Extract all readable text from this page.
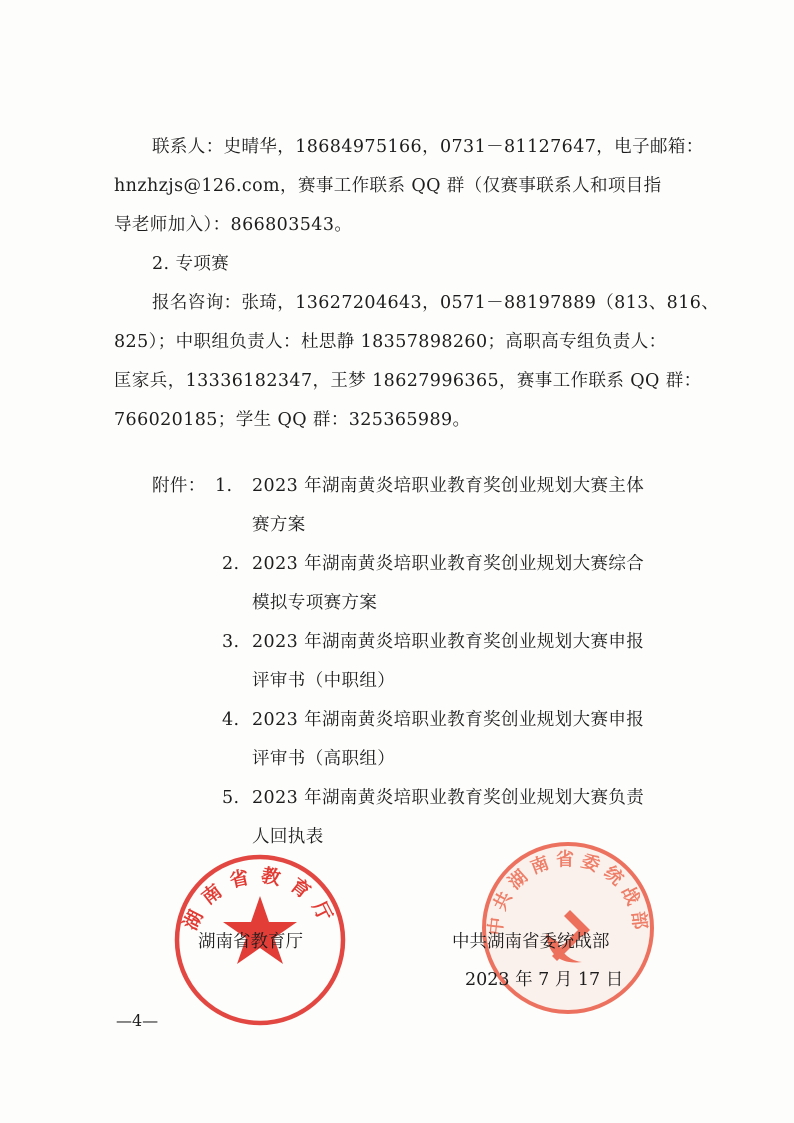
联系人：史晴华，18684975166，0731－81127647，电子邮箱：
hnzhzjs@126.com，赛事工作联系 QQ 群（仅赛事联系人和项目指
导老师加入）：866803543。
2. 专项赛
报名咨询：张琦，13627204643，0571－88197889（813、816、
825）；中职组负责人：杜思静 18357898260；高职高专组负责人：
匡家兵，13336182347，王梦 18627996365，赛事工作联系 QQ 群：
766020185；学生 QQ 群：325365989。
附件： 1. 2023 年湖南黄炎培职业教育奖创业规划大赛主体
赛方案
2. 2023 年湖南黄炎培职业教育奖创业规划大赛综合
模拟专项赛方案
3. 2023 年湖南黄炎培职业教育奖创业规划大赛申报
评审书（中职组）
4. 2023 年湖南黄炎培职业教育奖创业规划大赛申报
评审书（高职组）
5. 2023 年湖南黄炎培职业教育奖创业规划大赛负责
人回执表
湖南省教育厅	中共湖南省委统战部
湖南省教育厅	中共湖南省委统战部
2023 年 7 月 17 日
—4—
